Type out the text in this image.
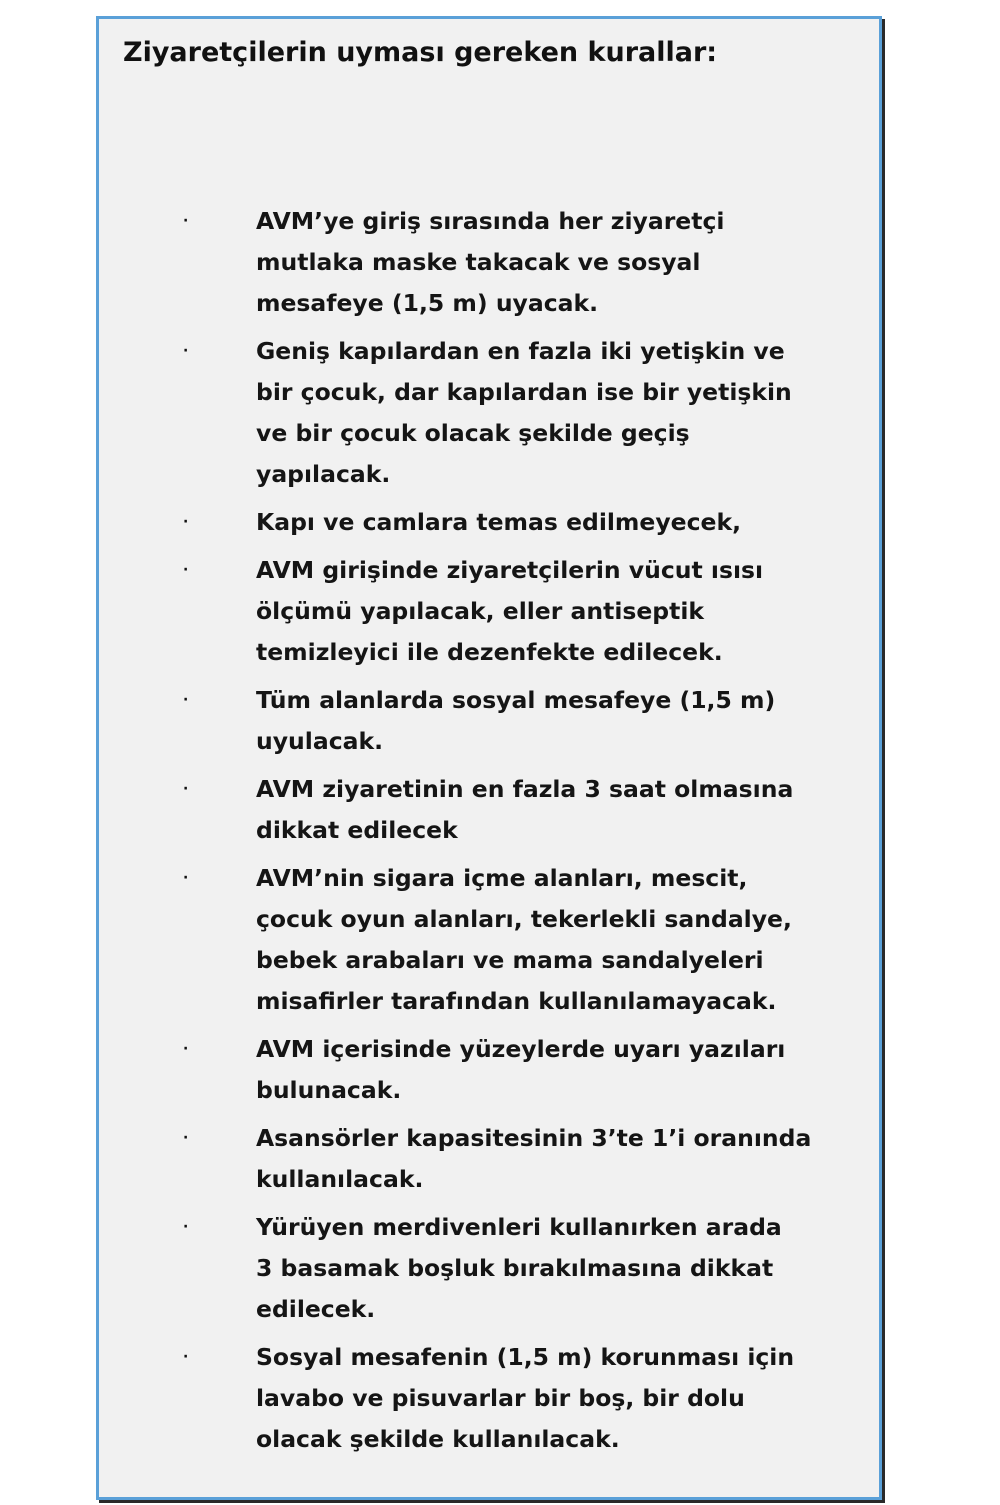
Ziyaretçilerin uyması gereken kurallar:
·	AVM’ye giriş sırasında her ziyaretçi
mutlaka maske takacak ve sosyal
mesafeye (1,5 m) uyacak.
·	Geniş kapılardan en fazla iki yetişkin ve
bir çocuk, dar kapılardan ise bir yetişkin
ve bir çocuk olacak şekilde geçiş
yapılacak.
·	Kapı ve camlara temas edilmeyecek,
·	AVM girişinde ziyaretçilerin vücut ısısı
ölçümü yapılacak, eller antiseptik
temizleyici ile dezenfekte edilecek.
·	Tüm alanlarda sosyal mesafeye (1,5 m)
uyulacak.
·	AVM ziyaretinin en fazla 3 saat olmasına
dikkat edilecek
·	AVM’nin sigara içme alanları, mescit,
çocuk oyun alanları, tekerlekli sandalye,
bebek arabaları ve mama sandalyeleri
misafirler tarafından kullanılamayacak.
·	AVM içerisinde yüzeylerde uyarı yazıları
bulunacak.
·	Asansörler kapasitesinin 3’te 1’i oranında
kullanılacak.
·	Yürüyen merdivenleri kullanırken arada
3 basamak boşluk bırakılmasına dikkat
edilecek.
·	Sosyal mesafenin (1,5 m) korunması için
lavabo ve pisuvarlar bir boş, bir dolu
olacak şekilde kullanılacak.
